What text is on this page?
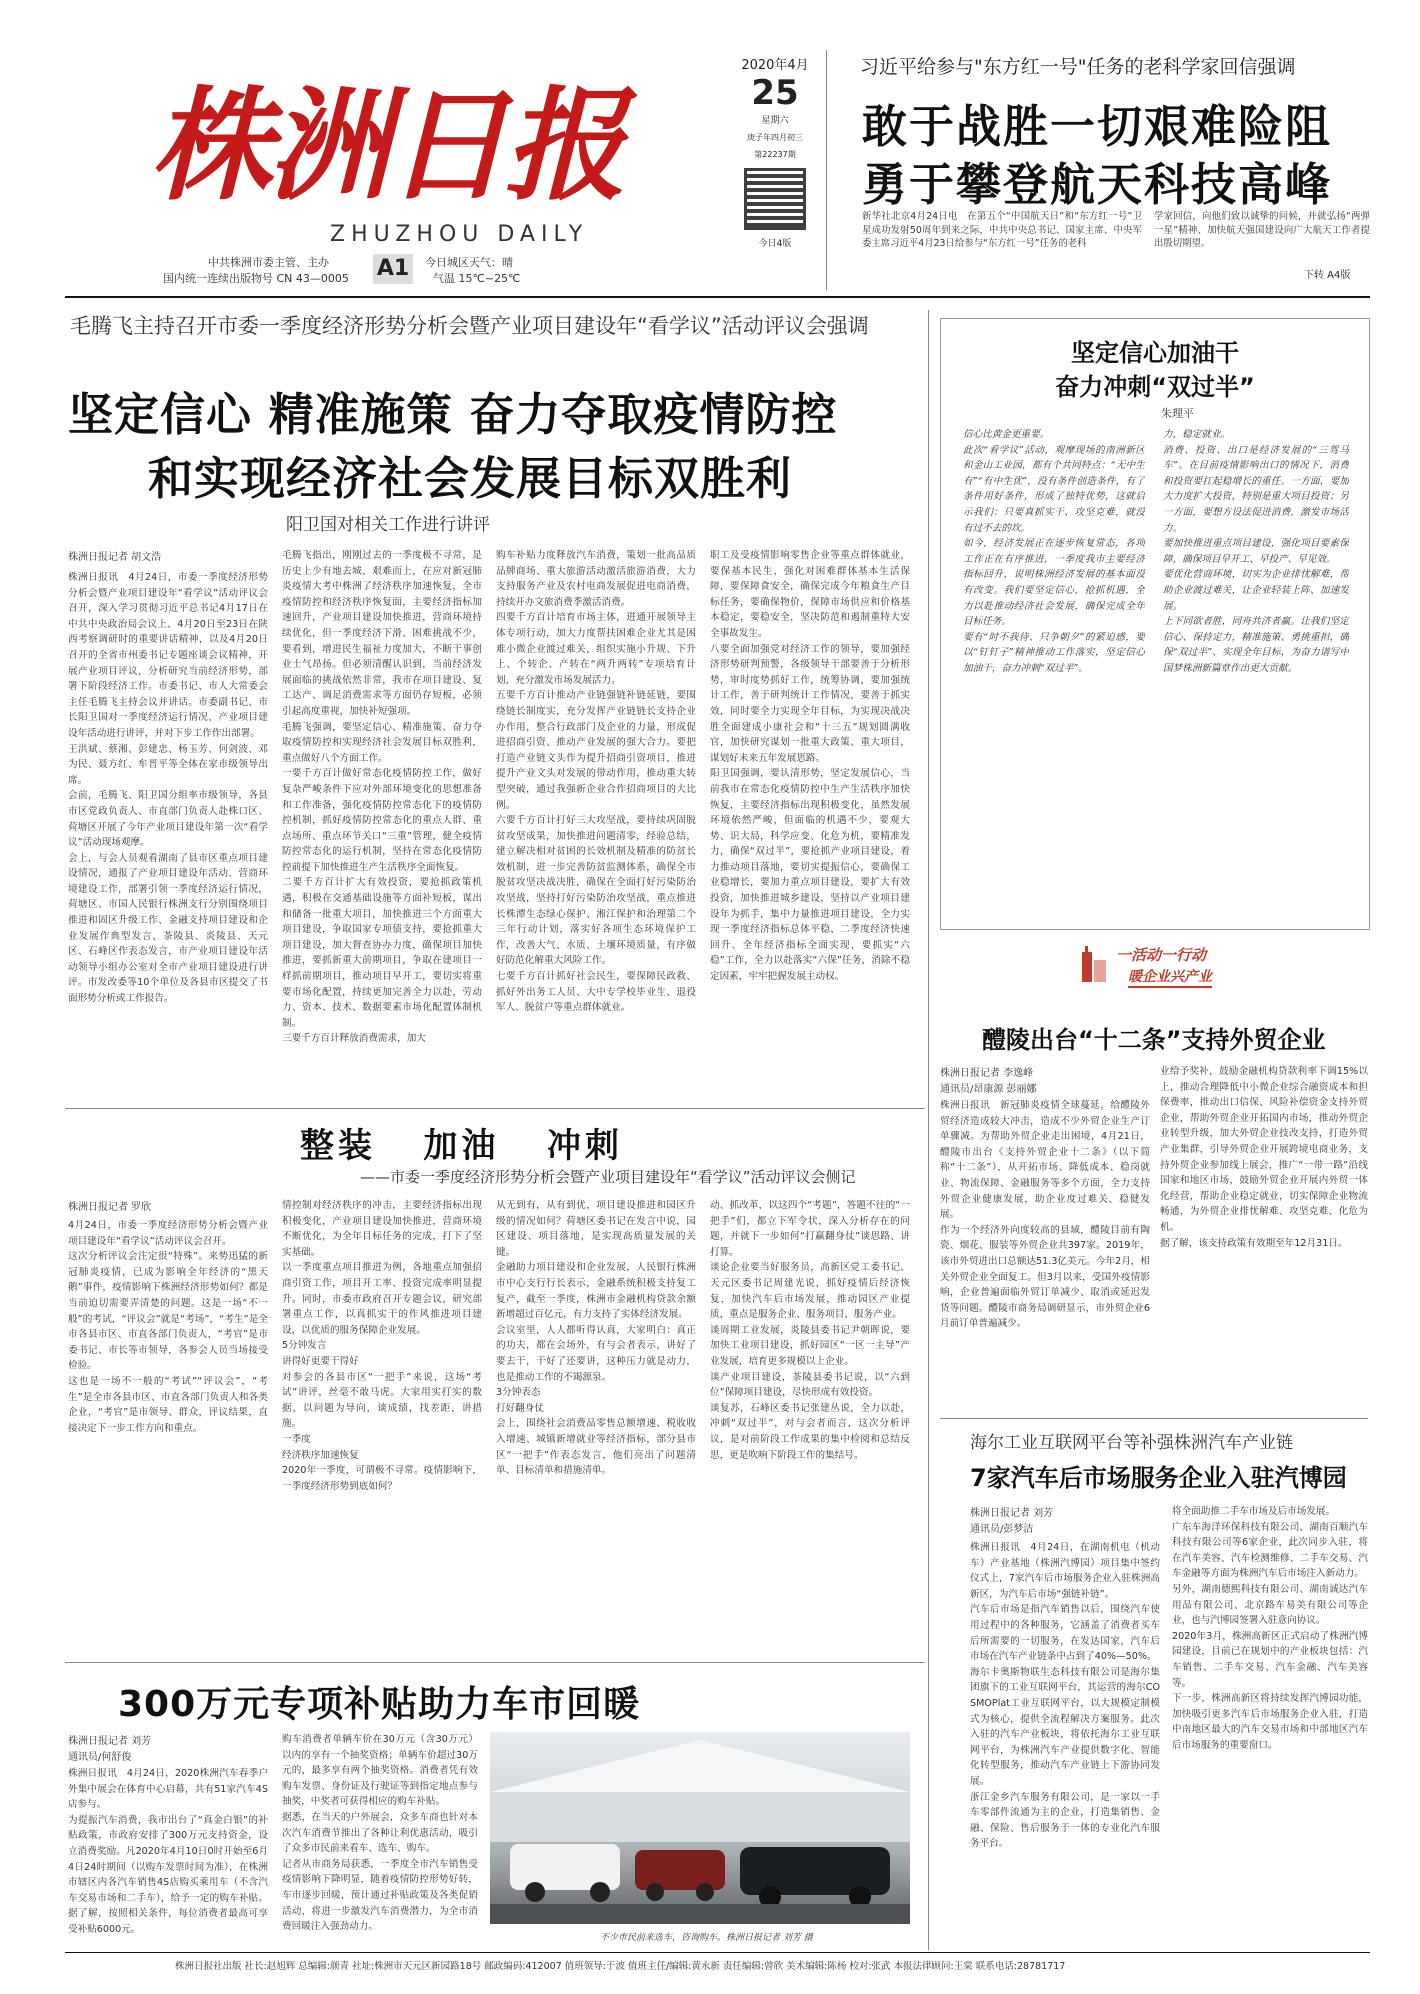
株洲日报
ZHUZHOU DAILY
中共株洲市委主管、主办
国内统一连续出版物号 CN 43—0005 A1	今日城区天气：晴
气温 15℃~25℃
2020年4月
25
星期六
庚子年四月初三
第22237期
今日4版
习近平给参与"东方红一号"任务的老科学家回信强调
敢于战胜一切艰难险阻
勇于攀登航天科技高峰
新华社北京4月24日电　在第五个“中国航天日”和“东方红一号”卫星成功发射50周年到来之际，中共中央总书记、国家主席、中央军委主席习近平4月23日给参与“东方红一号”任务的老科
学家回信，向他们致以诚挚的问候，并就弘扬“两弹一星”精神、加快航天强国建设向广大航天工作者提出殷切期望。
下转 A4版
毛腾飞主持召开市委一季度经济形势分析会暨产业项目建设年“看学议”活动评议会强调
坚定信心 精准施策 奋力夺取疫情防控
和实现经济社会发展目标双胜利
阳卫国对相关工作进行讲评
株洲日报记者 胡文浩
株洲日报讯　4月24日，市委一季度经济形势分析会暨产业项目建设年“看学议”活动评议会召开，深入学习贯彻习近平总书记4月17日在中共中央政治局会议上、4月20日至23日在陕西考察调研时的重要讲话精神，以及4月20日召开的全省市州委书记专题座谈会议精神，开展产业项目评议，分析研究当前经济形势，部署下阶段经济工作。市委书记、市人大常委会主任毛腾飞主持会议并讲话。市委副书记、市长阳卫国对一季度经济运行情况、产业项目建设年活动进行讲评，并对下步工作作出部署。
王洪斌、蔡湘、彭建忠、杨玉芳、何剑波、邓为民、聂方红、牟晋平等全体在家市级领导出席。
会前，毛腾飞、阳卫国分组率市级领导，各县市区党政负责人、市直部门负责人赴株口区、荷塘区开展了今年产业项目建设年第一次“看学议”活动现场观摩。
会上，与会人员观看湖南了县市区重点项目建设情况，通报了产业项目建设年活动、营商环境建设工作，部署引领一季度经济运行情况，荷塘区、市国人民银行株洲支行分别围绕项目推进和固区升级工作、金融支持项目建设和企业发展作典型发言，茶陵县、炎陵县、天元区、石峰区作表态发言，市产业项目建设年活动领导小组办公室对全市产业项目建设进行讲评。市发改委等10个单位及各县市区提交了书面形势分析或工作报告。
毛腾飞指出，刚刚过去的一季度极不寻常，是历史上少有地去城、艰难而上，在应对新冠肺炎疫情大考中株洲了经济秩序加速恢复，全市疫情防控和经济秩序恢复面，主要经济指标加速回升，产业项目建设加快推进，营商环境持续优化，但一季度经济下滑、困难挑战不少，要看到，增进民生福祉力度加大，不断干事创业士气昂扬。但必须清醒认识到，当前经济发展面临的挑战依然非常，我市在项目建设、复工达产、调足消费需求等方面仍存短板，必须引起高度重视，加快补短强项。
毛腾飞强调，要坚定信心、精准施策、奋力夺取疫情防控和实现经济社会发展目标双胜利，重点做好八个方面工作。
一要千方百计做好常态化疫情防控工作，做好复杂严峻条件下应对外部环境变化的思想准备和工作准备，强化疫情防控常态化下的疫情防控机制，抓好疫情防控常态化的重点人群、重点场所、重点环节关口“三重”管理，健全疫情防控常态化的运行机制，坚持在常态化疫情防控前提下加快推进生产生活秩序全面恢复。
二要千方百计扩大有效投资，要抢抓政策机遇，积极在交通基础设施等方面补短板，谋出和储备一批重大项目，加快推进三个方面重大项目建设，争取国家专项债支持，要抢抓重大项目建设，加大督查协办力度，确保项目加快推进，要抓新重大前期项目，争取在建项目一样抓前期项目，推动项目早开工，要切实将重要市场化配置，持续更加完善全力以赴，劳动力、资本、技术、数据要素市场化配置体制机制。
三要千方百计释放消费需求，加大
购车补贴力度释放汽车消费，策划一批高品质品牌商场、重大旅游活动激活旅游消费，大力支持服务产业及农村电商发展促进电商消费，持续开办文旅消费季激活消费。
四要千方百计培育市场主体，进通开展领导主体专项行动，加大力度帮扶困难企业尤其是困难小微企业渡过难关，组织实施小升规、下升上、个转企、产转在“两升两转”专项培育计划，充分激发市场发展活力。
五要千方百计推动产业链强链补链延链，要围绕链长制度实，充分发挥产业链链长支持企业办作用，整合行政部门及企业的力量，形成促进招商引资、推动产业发展的强大合力。要把打造产业链文头作为提升招商引资项目，推进提升产业文头对发展的带动作用，推动重大转型突破，通过我强新企业合作招商项目的大比例。
六要千方百计打好三大攻坚战，要持续巩固脱贫攻坚成果，加快推进问题清零，经验总结，建立解决相对贫困的长效机制及精准的防贫长效机制，进一步完善防贫监测体系，确保全市脱贫攻坚决战决胜，确保在全面打好污染防治攻坚战，坚持打好污染防治攻坚战，重点推进长株潭生态绿心保护、湘江保护和治理第二个三年行动计划，落实好各项生态环境保护工作，改善大气、水质、土壤环境质量，有序做好防范化解重大风险工作。
七要千方百计抓好社会民生，要保障民政救、抓好外出务工人员、大中专学校毕业生、退役军人、脱贫户等重点群体就业。
职工及受疫情影响零售企业等重点群体就业，要保基本民生，强化对困难群体基本生活保障，要保障食安全，确保完成今年粮食生产目标任务，要确保物价，保障市场供应和价格基本稳定，要稳安全，坚决防范和遏制重特大安全事故发生。
八要全面加强党对经济工作的领导，要加强经济形势研判预警，各级领导干部要善于分析形势，审时度势抓好工作，统筹协调，要加强统计工作，善于研判统计工作情况，要善于抓实效，同时要全力实现全年目标，为实现决战决胜全面建成小康社会和“十三五”规划圆满收官，加快研究谋划一批重大政策、重大项目，谋划好未来五年发展思路。
阳卫国强调，要认清形势，坚定发展信心，当前我市在常态化疫情防控中生产生活秩序加快恢复，主要经济指标出现积极变化，虽然发展环境依然严峻，但面临的机遇不少，要观大势、识大局，科学应变、化危为机，要精准发力，确保“双过半”，要抢抓产业项目建设，着力推动项目落地，要切实提振信心，要确保工业稳增长，要加力重点项目建设，要扩大有效投资，加快推进城乡建设，坚持以产业项目建设年为抓手，集中力量推进项目建设，全力实现一季度经济指标总体平稳、二季度经济快速回升、全年经济指标全面实现，要抓实“六稳”工作，全力以赴落实“六保”任务，消除不稳定因素，牢牢把握发展主动权。
坚定信心加油干
奋力冲刺“双过半”
朱理平
信心比黄金更重要。
此次“看学议”活动，观摩现场的南洲新区和金山工业园，都有个共同特点：“无中生有”“有中生优”，没有条件创造条件，有了条件用好条件，形成了独特优势，这就启示我们：只要真抓实干、攻坚克难，就没有过不去的坎。
如今，经济发展正在逐步恢复常态，各项工作正在有序推进，一季度我市主要经济指标回升，说明株洲经济发展的基本面没有改变。我们要坚定信心，抢抓机遇，全力以赴推动经济社会发展，确保完成全年目标任务。
要有“时不我待、只争朝夕”的紧迫感，要以“钉钉子”精神推动工作落实，坚定信心加油干，奋力冲刺“双过半”。
力，稳定就业。
消费、投资、出口是经济发展的“三驾马车”。在目前疫情影响出口的情况下，消费和投资要扛起稳增长的重任。一方面，要加大力度扩大投资，特别是重大项目投资；另一方面，要想方设法促进消费，激发市场活力。
要加快推进重点项目建设，强化项目要素保障，确保项目早开工、早投产、早见效。
要优化营商环境，切实为企业排忧解难，帮助企业渡过难关，让企业轻装上阵、加速发展。
上下同欲者胜，同舟共济者赢。让我们坚定信心、保持定力，精准施策、勇挑重担，确保“双过半”、实现全年目标，为奋力谱写中国梦株洲新篇章作出更大贡献。
一活动一行动
暖企业兴产业
醴陵出台“十二条”支持外贸企业
株洲日报记者 李逸峰
通讯员/昂康源 彭丽娜
株洲日报讯　新冠肺炎疫情全球蔓延，给醴陵外贸经济造成较大冲击，造成不少外贸企业生产订单骤减。为帮助外贸企业走出困境，4月21日，醴陵市出台《支持外贸企业十二条》（以下简称“十二条”），从开拓市场、降低成本、稳岗就业、物流保障、金融服务等多个方面，全力支持外贸企业健康发展，助企业度过难关、稳健发展。
作为一个经济外向度较高的县域，醴陵目前有陶瓷、烟花、服装等外贸企业共397家。2019年，该市外贸进出口总额达51.3亿美元。今年2月，相关外贸企业全面复工。但3月以来，受国外疫情影响，企业普遍面临外贸订单减少、取消或延迟发货等问题。醴陵市商务局调研显示，市外贸企业6月前订单普遍减少。
业给予奖补，鼓励金融机构贷款利率下调15%以上，推动合理降低中小微企业综合融资成本和担保费率，推动出口信保、风险补偿资金支持外贸企业，帮助外贸企业开拓国内市场，推动外贸企业转型升级，加大外贸企业技改支持，打造外贸产业集群，引导外贸企业开展跨境电商业务，支持外贸企业参加线上展会，推广“一带一路”沿线国家和地区市场，鼓励外贸企业开展内外贸一体化经营，帮助企业稳定就业，切实保障企业物流畅通，为外贸企业排忧解难、攻坚克难、化危为机。
据了解，该支持政策有效期至年12月31日。
海尔工业互联网平台等补强株洲汽车产业链
7家汽车后市场服务企业入驻汽博园
株洲日报记者 刘芳
通讯员/彭梦洁
株洲日报讯　4月24日，在湖南机电（机动车）产业基地（株洲汽博园）项目集中签约仪式上，7家汽车后市场服务企业入驻株洲高新区，为汽车后市场“强链补链”。
汽车后市场是指汽车销售以后，围绕汽车使用过程中的各种服务，它涵盖了消费者买车后所需要的一切服务，在发达国家，汽车后市场在汽车产业链条中占到了40%—50%。
海尔卡奥斯物联生态科技有限公司是海尔集团旗下的工业互联网平台，其运营的海尔COSMOPlat工业互联网平台，以大规模定制模式为核心，提供全流程解决方案服务。此次入驻的汽车产业板块，将依托海尔工业互联网平台，为株洲汽车产业提供数字化、智能化转型服务，推动汽车产业链上下游协同发展。
浙江金乡汽车服务有限公司，是一家以一手车零部件流通为主的企业，打造集销售、金融、保险、售后服务于一体的专业化汽车服务平台。
将全面助推二手车市场及后市场发展。
广东车海洋环保科技有限公司、湖南百顺汽车科技有限公司等6家企业，此次同步入驻，将在汽车美容、汽车检测维修、二手车交易、汽车金融等方面为株洲汽车后市场注入新动力。
另外，湖南德熙科技有限公司、湖南诚达汽车用品有限公司、北京路车易美有限公司等企业，也与汽博园签署入驻意向协议。
2020年3月，株洲高新区正式启动了株洲汽博园建设，目前已在规划中的产业板块包括：汽车销售、二手车交易、汽车金融、汽车美容等。
下一步，株洲高新区将持续发挥汽博园功能，加快吸引更多汽车后市场服务企业入驻，打造中南地区最大的汽车交易市场和中部地区汽车后市场服务的重要窗口。
整装   加油   冲刺
——市委一季度经济形势分析会暨产业项目建设年“看学议”活动评议会侧记
株洲日报记者 罗欣
4月24日，市委一季度经济形势分析会暨产业项目建设年“看学议”活动评议会召开。
这次分析评议会注定很“特殊”。来势迅猛的新冠肺炎疫情，已成为影响全年经济的“黑天鹅”事件，疫情影响下株洲经济形势如何？都是当前迫切需要弄清楚的问题。这是一场“不一般”的考试，“评议会”就是“考场”，“考生”是全市各县市区、市直各部门负责人，“考官”是市委书记、市长等市领导，各参会人员当场接受检验。
这也是一场不一般的“考试”“评议会”，“考生”是全市各县市区、市直各部门负责人和各类企业，“考官”是市领导、群众，评议结果，直接决定下一步工作方向和重点。
情控制对经济秩序的冲击，主要经济指标出现积极变化，产业项目建设加快推进，营商环境不断优化，为全年目标任务的完成，打下了坚实基础。
以一季度重点项目推进为例，各地重点加强招商引资工作，项目开工率、投资完成率明显提升。同时，市委市政府召开专题会议，研究部署重点工作，以真抓实干的作风推进项目建设，以优质的服务保障企业发展。
5分钟发言
讲得好更要干得好
对参会的各县市区“一把手”来说，这场“考试”讲评，丝毫不敢马虎。大家用实打实的数据，以问题为导向，谈成绩，找差距，讲措施。
一季度
经济秩序加速恢复
2020年一季度，可谓极不寻常。疫情影响下，一季度经济形势到底如何？
从无到有，从有到优，项目建设推进和园区升级的情况如何？荷塘区委书记在发言中说，园区建设、项目落地，是实现高质量发展的关键。
金融助力项目建设和企业发展，人民银行株洲市中心支行行长表示，金融系统积极支持复工复产，截至一季度，株洲市金融机构贷款余额新增超过百亿元，有力支持了实体经济发展。
会议室里，人人都听得认真，大家明白：真正的功夫，都在会场外，有与会者表示，讲好了要去干，干好了还要讲，这种压力就是动力，也是推动工作的不竭源泉。
3分钟表态
打好翻身仗
会上，围绕社会消费品零售总额增速、税收收入增速、城镇新增就业等经济指标，部分县市区“一把手”作表态发言，他们亮出了问题清单、目标清单和措施清单。
动、抓改革，以这四个“考题”，答题不往的“一把手”们，都立下军令状，深入分析存在的问题，并就下一步如何“打赢翻身仗”谈思路、讲打算。
谈论企业要当好服务员，高新区党工委书记、天元区委书记周建光说，抓好疫情后经济恢复，加快汽车后市场发展，推动园区产业提质，重点是服务企业、服务项目、服务产业。
谈周期工业发展，炎陵县委书记尹朝晖说，要加快工业项目建设，抓好园区“一区一主导”产业发展，培育更多规模以上企业。
谈产业项目建设，茶陵县委书记说，以“六到位”保障项目建设，尽快形成有效投资。
谈复苏，石峰区委书记张建丛说，全力以赴，冲刺“双过半”，对与会者而言，这次分析评议，是对前阶段工作成果的集中检阅和总结反思，更是吹响下阶段工作的集结号。
300万元专项补贴助力车市回暖
株洲日报记者 刘芳
通讯员/何舒俊
株洲日报讯　4月24日，2020株洲汽车春季户外集中展会在体育中心启幕，共有51家汽车4S店参与。
为提振汽车消费，我市出台了“真金白银”的补贴政策，市政府安排了300万元支持资金，设立消费奖励。凡2020年4月10日0时开始至6月4日24时期间（以购车发票时间为准），在株洲市辖区内各汽车销售4S店购买乘用车（不含汽车交易市场和二手车），给予一定的购车补贴。据了解，按照相关条件，每位消费者最高可享受补贴6000元。
购车消费者单辆车价在30万元（含30万元）以内的享有一个抽奖资格；单辆车价超过30万元的，最多享有两个抽奖资格。消费者凭有效购车发票、身份证及行驶证等到指定地点参与抽奖，中奖者可获得相应的购车补贴。
据悉，在当天的户外展会，众多车商也针对本次汽车消费节推出了各种让利优惠活动，吸引了众多市民前来看车、选车、购车。
记者从市商务局获悉，一季度全市汽车销售受疫情影响下降明显，随着疫情防控形势好转，车市逐步回暖，预计通过补贴政策及各类促销活动，将进一步激发汽车消费潜力，为全市消费回暖注入强劲动力。
不少市民前来选车，咨询购车。株洲日报记者 刘芳 摄
株洲日报社出版 社长:赵旭辉 总编辑:颜青 社址:株洲市天元区新园路18号 邮政编码:412007 值班领导:于波 值班主任/编辑:黄永新 责任编辑:曾欣 美术编辑:陈杨 校对:张武 本报法律顾问:王棠 联系电话:28781717
